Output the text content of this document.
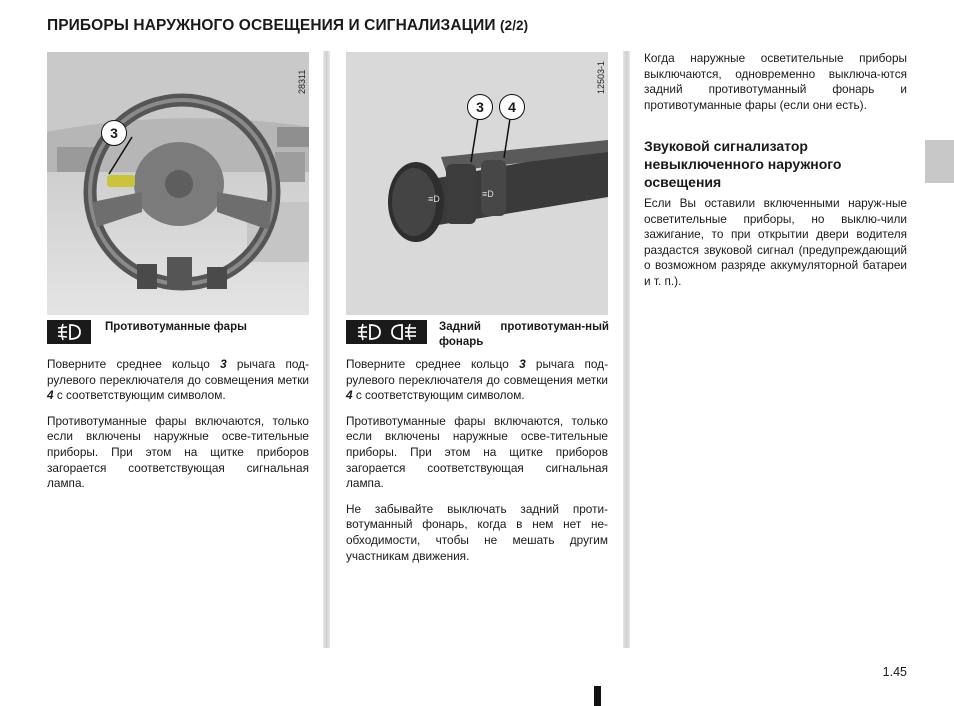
ПРИБОРЫ НАРУЖНОГО ОСВЕЩЕНИЯ И СИГНАЛИЗАЦИИ (2/2)
3
28311
Противотуманные фары

Поверните среднее кольцо 3 рычага под-рулевого переключателя до совмещения метки 4 с соответствующим символом.

Противотуманные фары включаются, только если включены наружные осве-тительные приборы. При этом на щитке приборов загорается соответствующая сигнальная лампа.

≡D	≡D
3	4
12503-1
Задний противотуман-ный фонарь

Поверните среднее кольцо 3 рычага под-рулевого переключателя до совмещения метки 4 с соответствующим символом.

Противотуманные фары включаются, только если включены наружные осве-тительные приборы. При этом на щитке приборов загорается соответствующая сигнальная лампа.

Не забывайте выключать задний проти-вотуманный фонарь, когда в нем нет не-обходимости, чтобы не мешать другим участникам движения.

Когда наружные осветительные приборы выключаются, одновременно выключа-ются задний противотуманный фонарь и противотуманные фары (если они есть).

Звуковой сигнализатор невыключенного наружного освещения

Если Вы оставили включенными наруж-ные осветительные приборы, но выклю-чили зажигание, то при открытии двери водителя раздастся звуковой сигнал (предупреждающий о возможном разряде аккумуляторной батареи и т. п.).

1.45
